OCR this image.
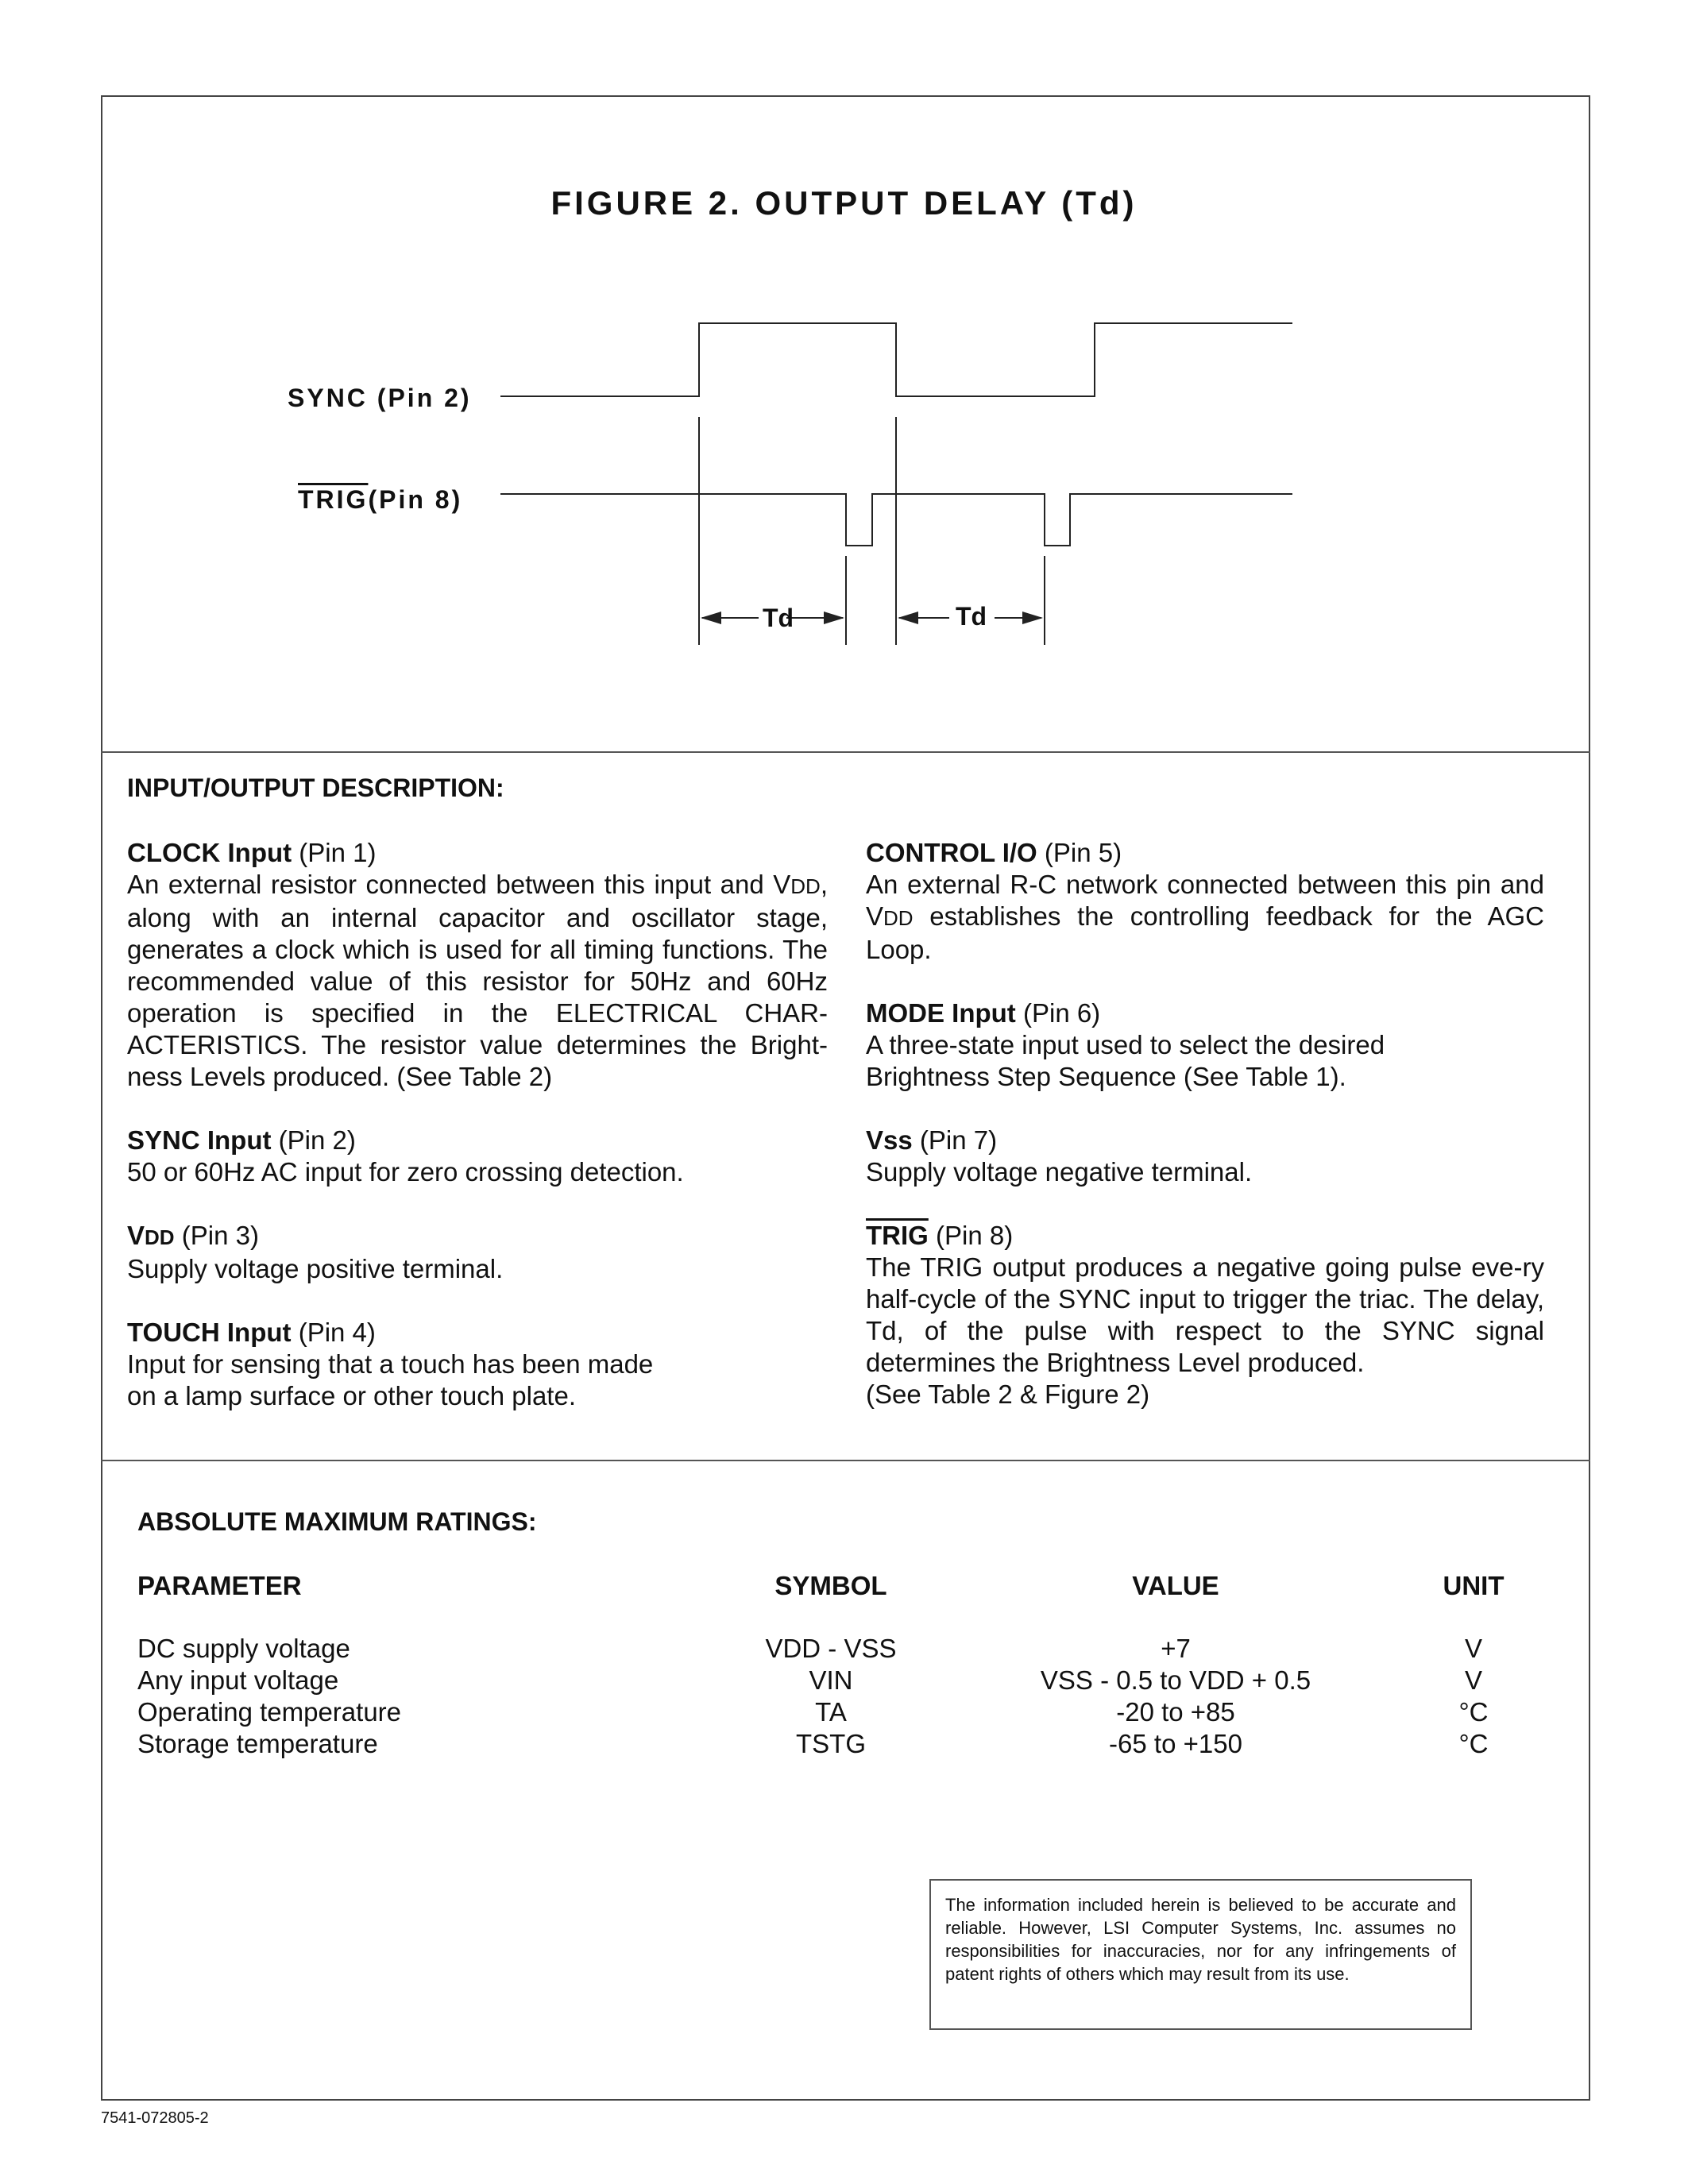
FIGURE 2. OUTPUT DELAY (Td)
SYNC (Pin 2)
TRIG(Pin 8)
Td	Td
INPUT/OUTPUT DESCRIPTION:

CLOCK Input (Pin 1)
An external resistor connected between this input and VDD, along with an internal capacitor and oscillator stage, generates a clock which is used for all timing functions. The recommended value of this resistor for 50Hz and 60Hz operation is specified in the ELECTRICAL CHAR-ACTERISTICS. The resistor value determines the Bright-ness Levels produced. (See Table 2)

SYNC Input (Pin 2)
50 or 60Hz AC input for zero crossing detection.

VDD (Pin 3)
Supply voltage positive terminal.

TOUCH Input (Pin 4)
Input for sensing that a touch has been made
on a lamp surface or other touch plate.

CONTROL I/O (Pin 5)
An external R-C network connected between this pin and VDD establishes the controlling feedback for the AGC Loop.

MODE Input (Pin 6)
A three-state input used to select the desired
Brightness Step Sequence (See Table 1).

Vss (Pin 7)
Supply voltage negative terminal.

TRIG (Pin 8)
The TRIG output produces a negative going pulse eve-ry half-cycle of the SYNC input to trigger the triac. The delay, Td, of the pulse with respect to the SYNC signal determines the Brightness Level produced.
(See Table 2 & Figure 2)

ABSOLUTE MAXIMUM RATINGS:
PARAMETER	SYMBOL	VALUE	UNIT
DC supply voltage	VDD - VSS	+7	V
Any input voltage	VIN	VSS - 0.5 to VDD + 0.5	V
Operating temperature	TA	-20 to +85	°C
Storage temperature	TSTG	-65 to +150	°C
The information included herein is believed to be accurate and reliable. However, LSI Computer Systems, Inc. assumes no responsibilities for inaccuracies, nor for any infringements of patent rights of others which may result from its use.
7541-072805-2
